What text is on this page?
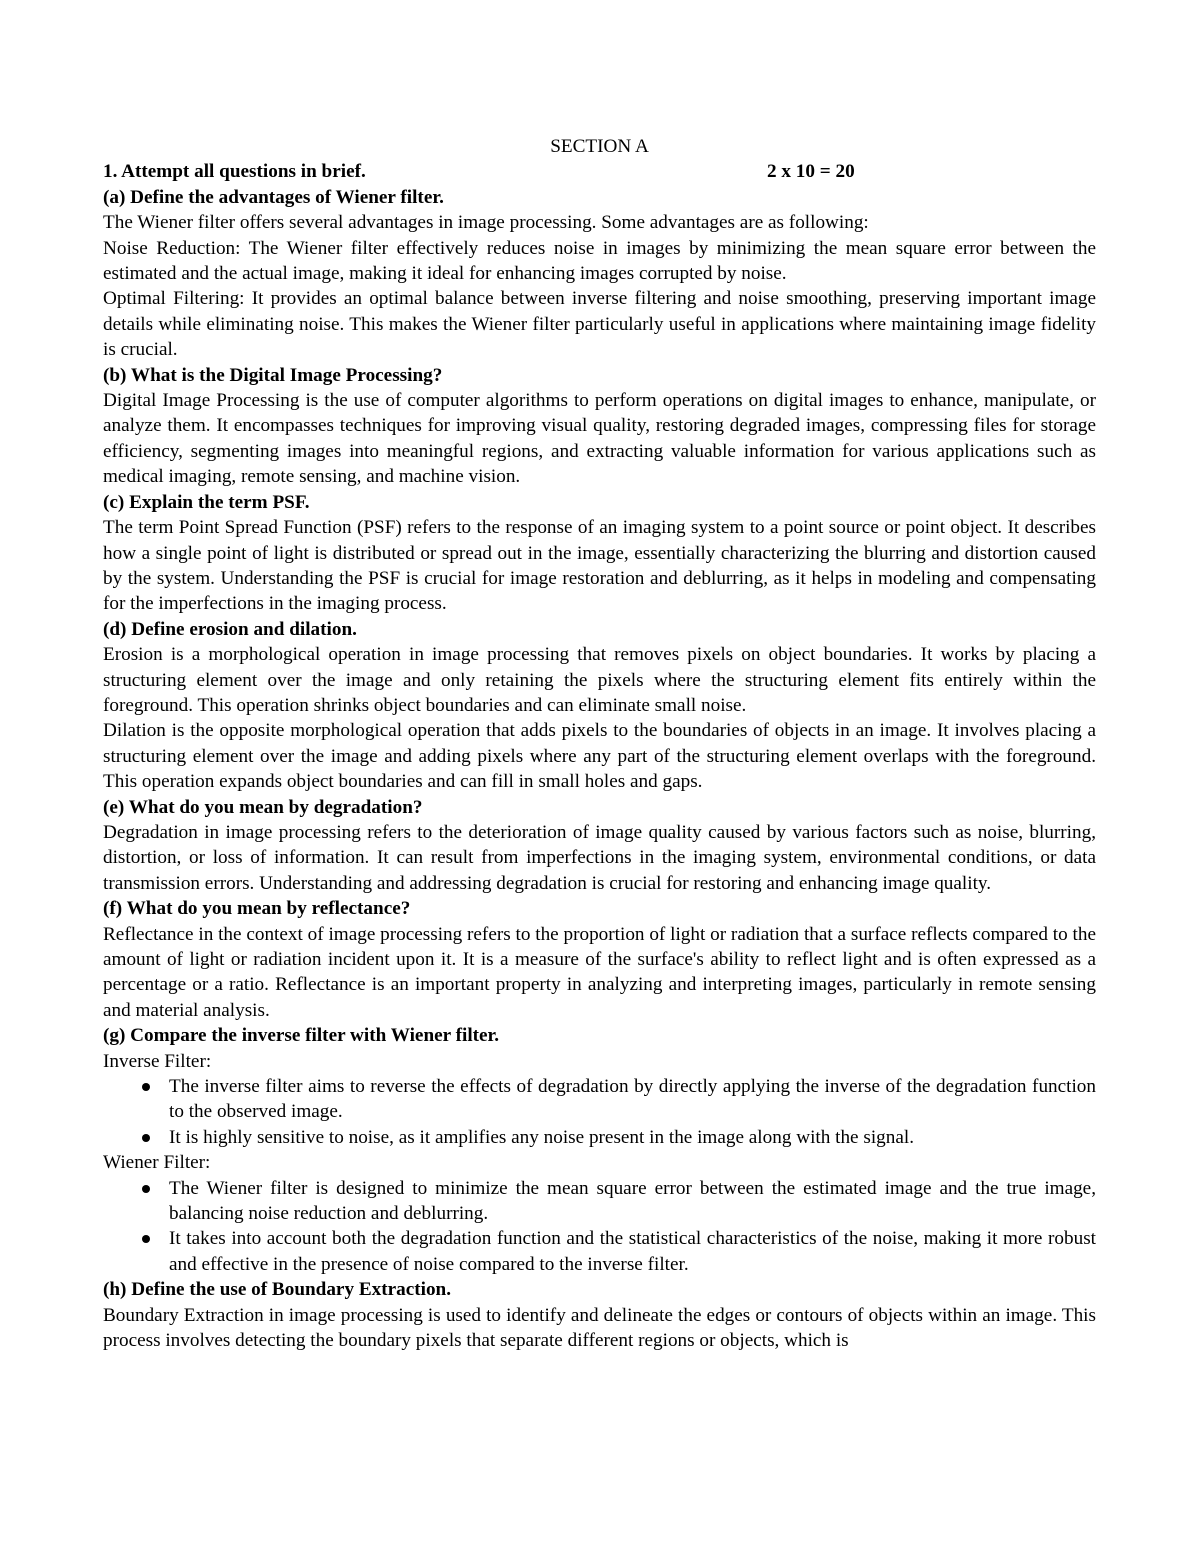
SECTION A
1. Attempt all questions in brief.	2 x 10 = 20
(a) Define the advantages of Wiener filter.

The Wiener filter offers several advantages in image processing. Some advantages are as following:

Noise Reduction: The Wiener filter effectively reduces noise in images by minimizing the mean square error between the estimated and the actual image, making it ideal for enhancing images corrupted by noise.

Optimal Filtering: It provides an optimal balance between inverse filtering and noise smoothing, preserving important image details while eliminating noise. This makes the Wiener filter particularly useful in applications where maintaining image fidelity is crucial.

(b) What is the Digital Image Processing?

Digital Image Processing is the use of computer algorithms to perform operations on digital images to enhance, manipulate, or analyze them. It encompasses techniques for improving visual quality, restoring degraded images, compressing files for storage efficiency, segmenting images into meaningful regions, and extracting valuable information for various applications such as medical imaging, remote sensing, and machine vision.

(c) Explain the term PSF.

The term Point Spread Function (PSF) refers to the response of an imaging system to a point source or point object. It describes how a single point of light is distributed or spread out in the image, essentially characterizing the blurring and distortion caused by the system. Understanding the PSF is crucial for image restoration and deblurring, as it helps in modeling and compensating for the imperfections in the imaging process.

(d) Define erosion and dilation.

Erosion is a morphological operation in image processing that removes pixels on object boundaries. It works by placing a structuring element over the image and only retaining the pixels where the structuring element fits entirely within the foreground. This operation shrinks object boundaries and can eliminate small noise.

Dilation is the opposite morphological operation that adds pixels to the boundaries of objects in an image. It involves placing a structuring element over the image and adding pixels where any part of the structuring element overlaps with the foreground. This operation expands object boundaries and can fill in small holes and gaps.

(e) What do you mean by degradation?

Degradation in image processing refers to the deterioration of image quality caused by various factors such as noise, blurring, distortion, or loss of information. It can result from imperfections in the imaging system, environmental conditions, or data transmission errors. Understanding and addressing degradation is crucial for restoring and enhancing image quality.

(f) What do you mean by reflectance?

Reflectance in the context of image processing refers to the proportion of light or radiation that a surface reflects compared to the amount of light or radiation incident upon it. It is a measure of the surface's ability to reflect light and is often expressed as a percentage or a ratio. Reflectance is an important property in analyzing and interpreting images, particularly in remote sensing and material analysis.

(g) Compare the inverse filter with Wiener filter.

Inverse Filter:

The inverse filter aims to reverse the effects of degradation by directly applying the inverse of the degradation function to the observed image.
It is highly sensitive to noise, as it amplifies any noise present in the image along with the signal.

Wiener Filter:

The Wiener filter is designed to minimize the mean square error between the estimated image and the true image, balancing noise reduction and deblurring.
It takes into account both the degradation function and the statistical characteristics of the noise, making it more robust and effective in the presence of noise compared to the inverse filter.
(h) Define the use of Boundary Extraction.

Boundary Extraction in image processing is used to identify and delineate the edges or contours of objects within an image. This process involves detecting the boundary pixels that separate different regions or objects, which is
